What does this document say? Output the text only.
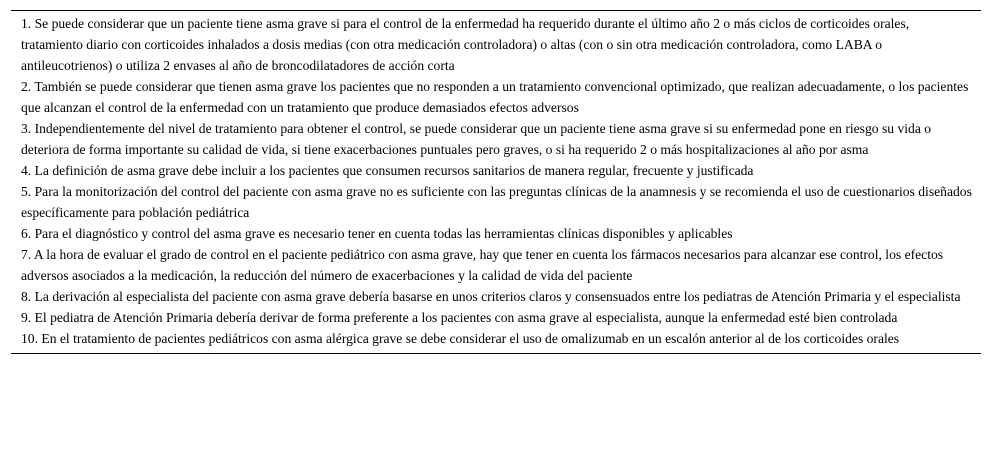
1. Se puede considerar que un paciente tiene asma grave si para el control de la enfermedad ha requerido durante el último año 2 o más ciclos de corticoides orales, tratamiento diario con corticoides inhalados a dosis medias (con otra medicación controladora) o altas (con o sin otra medicación controladora, como LABA o antileucotrienos) o utiliza 2 envases al año de broncodilatadores de acción corta

2. También se puede considerar que tienen asma grave los pacientes que no responden a un tratamiento convencional optimizado, que realizan adecuadamente, o los pacientes que alcanzan el control de la enfermedad con un tratamiento que produce demasiados efectos adversos

3. Independientemente del nivel de tratamiento para obtener el control, se puede considerar que un paciente tiene asma grave si su enfermedad pone en riesgo su vida o deteriora de forma importante su calidad de vida, si tiene exacerbaciones puntuales pero graves, o si ha requerido 2 o más hospitalizaciones al año por asma

4. La definición de asma grave debe incluir a los pacientes que consumen recursos sanitarios de manera regular, frecuente y justificada

5. Para la monitorización del control del paciente con asma grave no es suficiente con las preguntas clínicas de la anamnesis y se recomienda el uso de cuestionarios diseñados específicamente para población pediátrica

6. Para el diagnóstico y control del asma grave es necesario tener en cuenta todas las herramientas clínicas disponibles y aplicables

7. A la hora de evaluar el grado de control en el paciente pediátrico con asma grave, hay que tener en cuenta los fármacos necesarios para alcanzar ese control, los efectos adversos asociados a la medicación, la reducción del número de exacerbaciones y la calidad de vida del paciente

8. La derivación al especialista del paciente con asma grave debería basarse en unos criterios claros y consensuados entre los pediatras de Atención Primaria y el especialista

9. El pediatra de Atención Primaria debería derivar de forma preferente a los pacientes con asma grave al especialista, aunque la enfermedad esté bien controlada

10. En el tratamiento de pacientes pediátricos con asma alérgica grave se debe considerar el uso de omalizumab en un escalón anterior al de los corticoides orales
